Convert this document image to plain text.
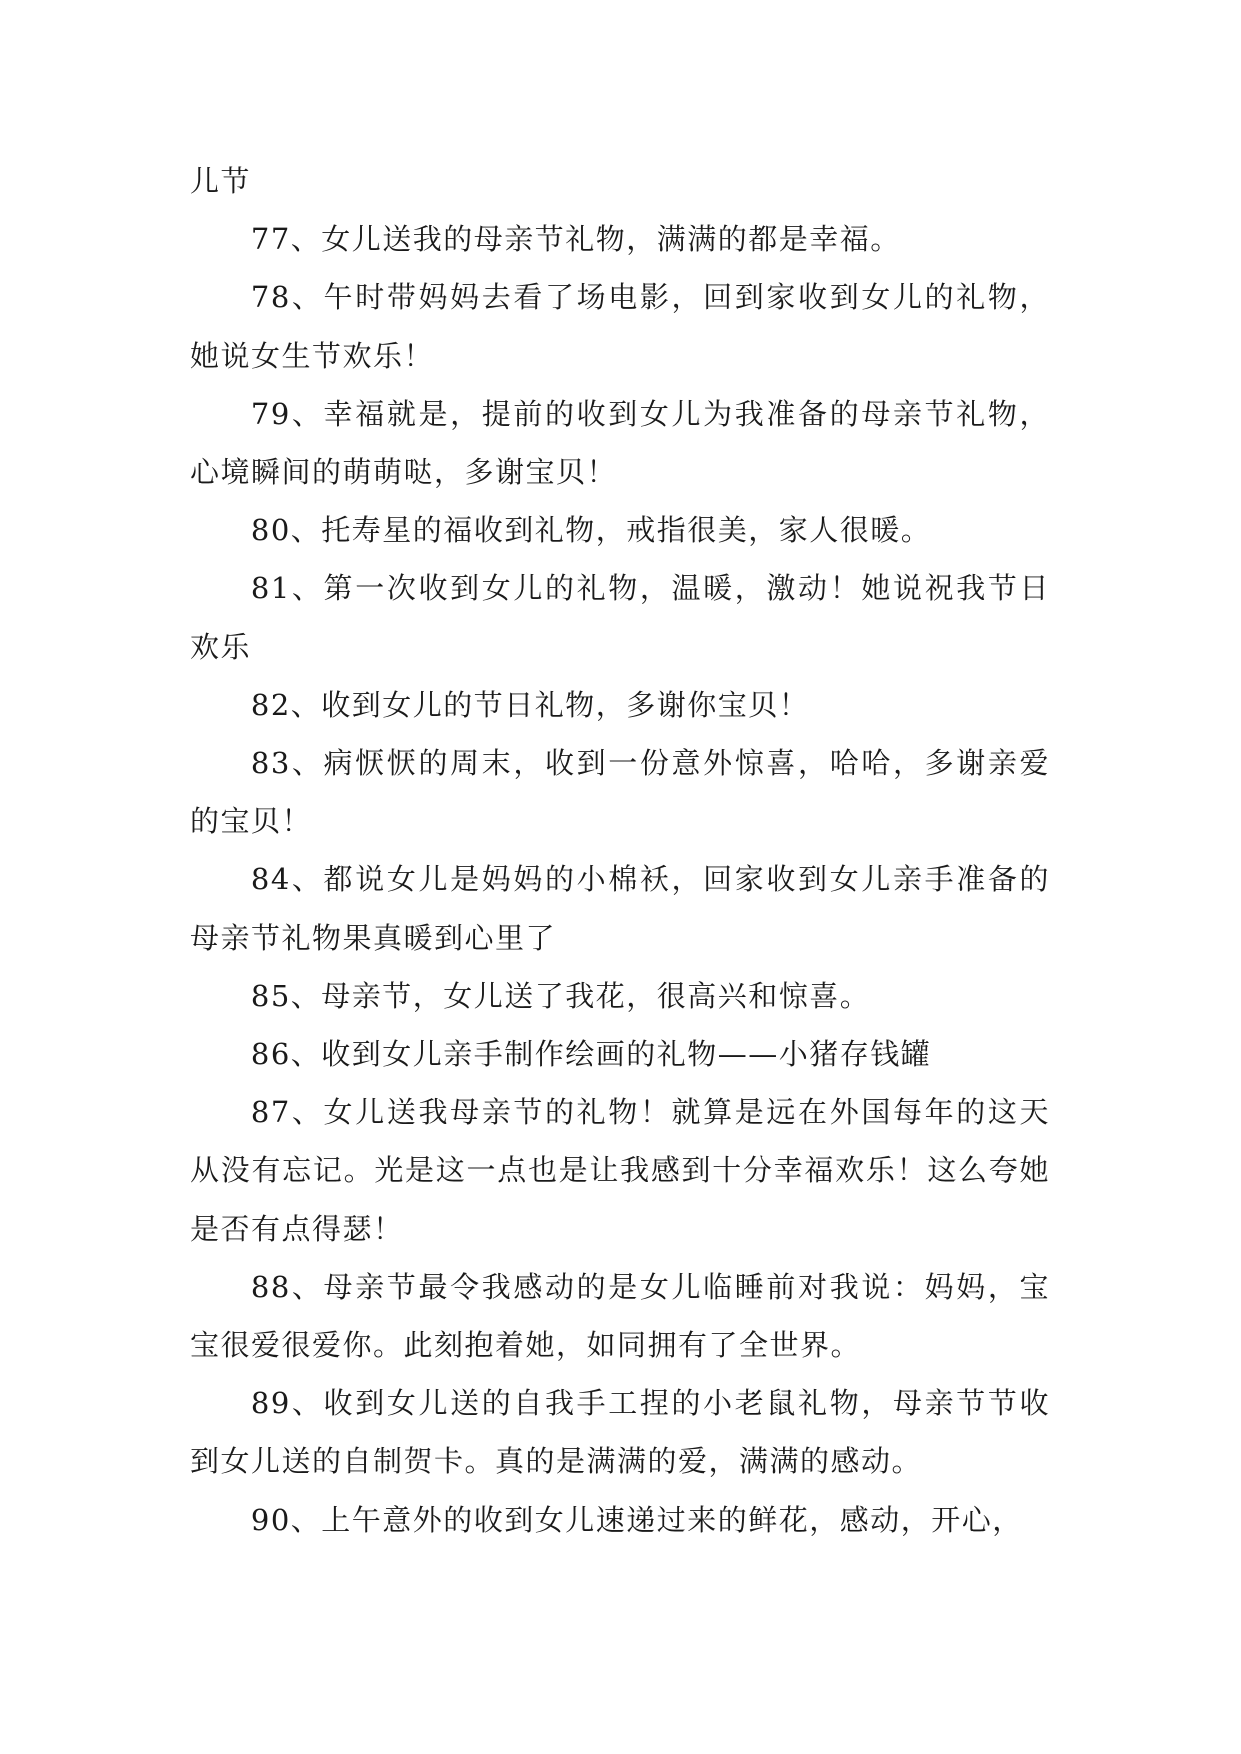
儿节

77、女儿送我的母亲节礼物，满满的都是幸福。

78、午时带妈妈去看了场电影，回到家收到女儿的礼物，她说女生节欢乐！

79、幸福就是，提前的收到女儿为我准备的母亲节礼物，心境瞬间的萌萌哒，多谢宝贝！

80、托寿星的福收到礼物，戒指很美，家人很暖。

81、第一次收到女儿的礼物，温暖，激动！她说祝我节日欢乐

82、收到女儿的节日礼物，多谢你宝贝！

83、病恹恹的周末，收到一份意外惊喜，哈哈，多谢亲爱的宝贝！

84、都说女儿是妈妈的小棉袄，回家收到女儿亲手准备的母亲节礼物果真暖到心里了

85、母亲节，女儿送了我花，很高兴和惊喜。

86、收到女儿亲手制作绘画的礼物——小猪存钱罐

87、女儿送我母亲节的礼物！就算是远在外国每年的这天从没有忘记。光是这一点也是让我感到十分幸福欢乐！这么夸她是否有点得瑟！

88、母亲节最令我感动的是女儿临睡前对我说：妈妈，宝宝很爱很爱你。此刻抱着她，如同拥有了全世界。

89、收到女儿送的自我手工捏的小老鼠礼物，母亲节节收到女儿送的自制贺卡。真的是满满的爱，满满的感动。

90、上午意外的收到女儿速递过来的鲜花，感动，开心，
